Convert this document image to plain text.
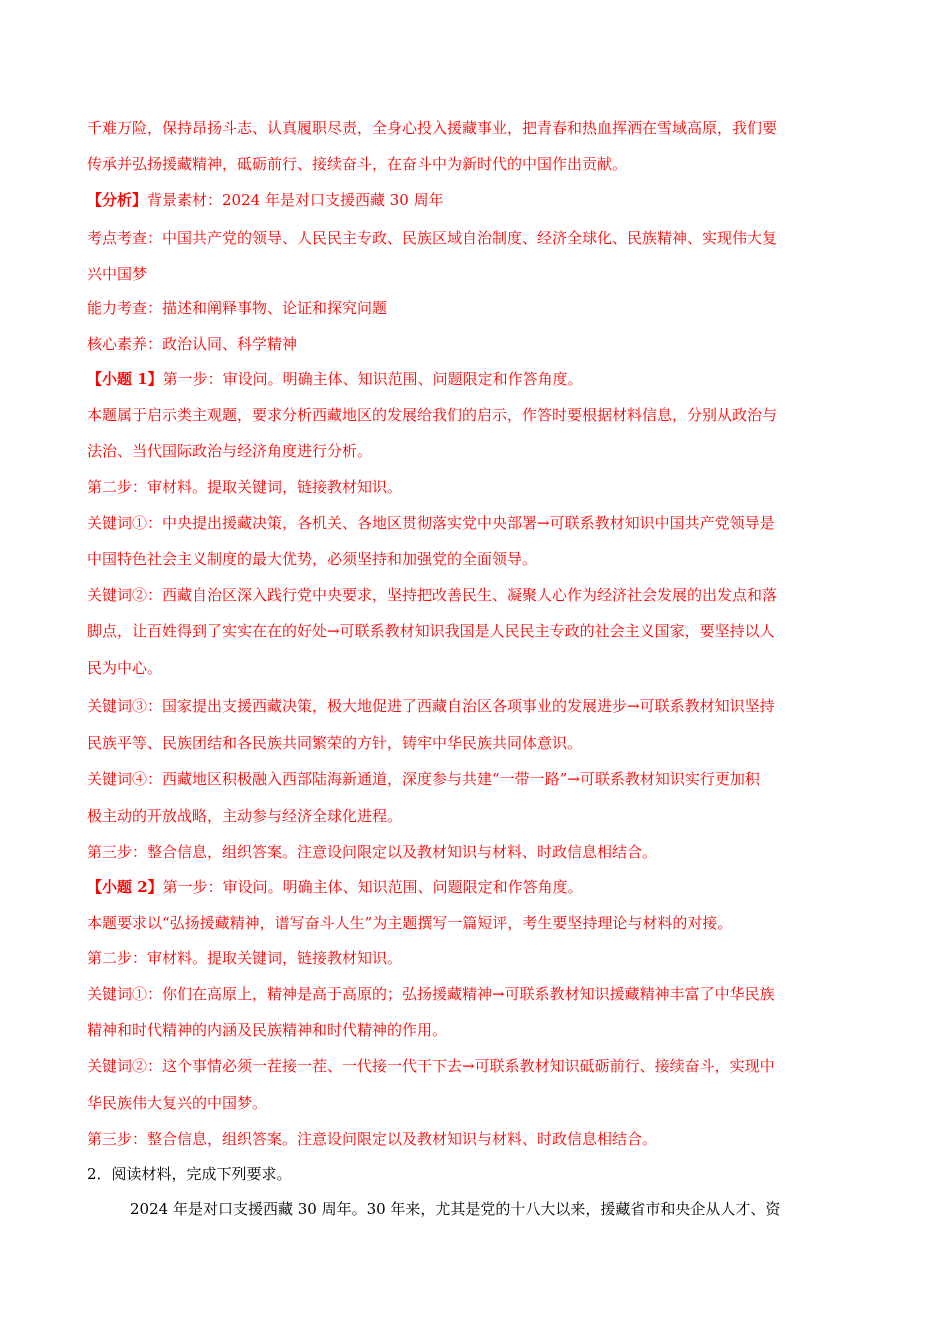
千难万险，保持昂扬斗志、认真履职尽责，全身心投入援藏事业，把青春和热血挥洒在雪域高原，我们要
传承并弘扬援藏精神，砥砺前行、接续奋斗，在奋斗中为新时代的中国作出贡献。
【分析】背景素材：2024 年是对口支援西藏 30 周年
考点考查：中国共产党的领导、人民民主专政、民族区域自治制度、经济全球化、民族精神、实现伟大复
兴中国梦
能力考查：描述和阐释事物、论证和探究问题
核心素养：政治认同、科学精神
【小题 1】第一步：审设问。明确主体、知识范围、问题限定和作答角度。
本题属于启示类主观题，要求分析西藏地区的发展给我们的启示，作答时要根据材料信息，分别从政治与
法治、当代国际政治与经济角度进行分析。
第二步：审材料。提取关键词，链接教材知识。
关键词①：中央提出援藏决策，各机关、各地区贯彻落实党中央部署→可联系教材知识中国共产党领导是
中国特色社会主义制度的最大优势，必须坚持和加强党的全面领导。
关键词②：西藏自治区深入践行党中央要求，坚持把改善民生、凝聚人心作为经济社会发展的出发点和落
脚点，让百姓得到了实实在在的好处→可联系教材知识我国是人民民主专政的社会主义国家，要坚持以人
民为中心。
关键词③：国家提出支援西藏决策，极大地促进了西藏自治区各项事业的发展进步→可联系教材知识坚持
民族平等、民族团结和各民族共同繁荣的方针，铸牢中华民族共同体意识。
关键词④：西藏地区积极融入西部陆海新通道，深度参与共建“一带一路”→可联系教材知识实行更加积
极主动的开放战略，主动参与经济全球化进程。
第三步：整合信息，组织答案。注意设问限定以及教材知识与材料、时政信息相结合。
【小题 2】第一步：审设问。明确主体、知识范围、问题限定和作答角度。
本题要求以“弘扬援藏精神，谱写奋斗人生”为主题撰写一篇短评，考生要坚持理论与材料的对接。
第二步：审材料。提取关键词，链接教材知识。
关键词①：你们在高原上，精神是高于高原的；弘扬援藏精神→可联系教材知识援藏精神丰富了中华民族
精神和时代精神的内涵及民族精神和时代精神的作用。
关键词②：这个事情必须一茬接一茬、一代接一代干下去→可联系教材知识砥砺前行、接续奋斗，实现中
华民族伟大复兴的中国梦。
第三步：整合信息，组织答案。注意设问限定以及教材知识与材料、时政信息相结合。
2．阅读材料，完成下列要求。
2024 年是对口支援西藏 30 周年。30 年来，尤其是党的十八大以来，援藏省市和央企从人才、资
